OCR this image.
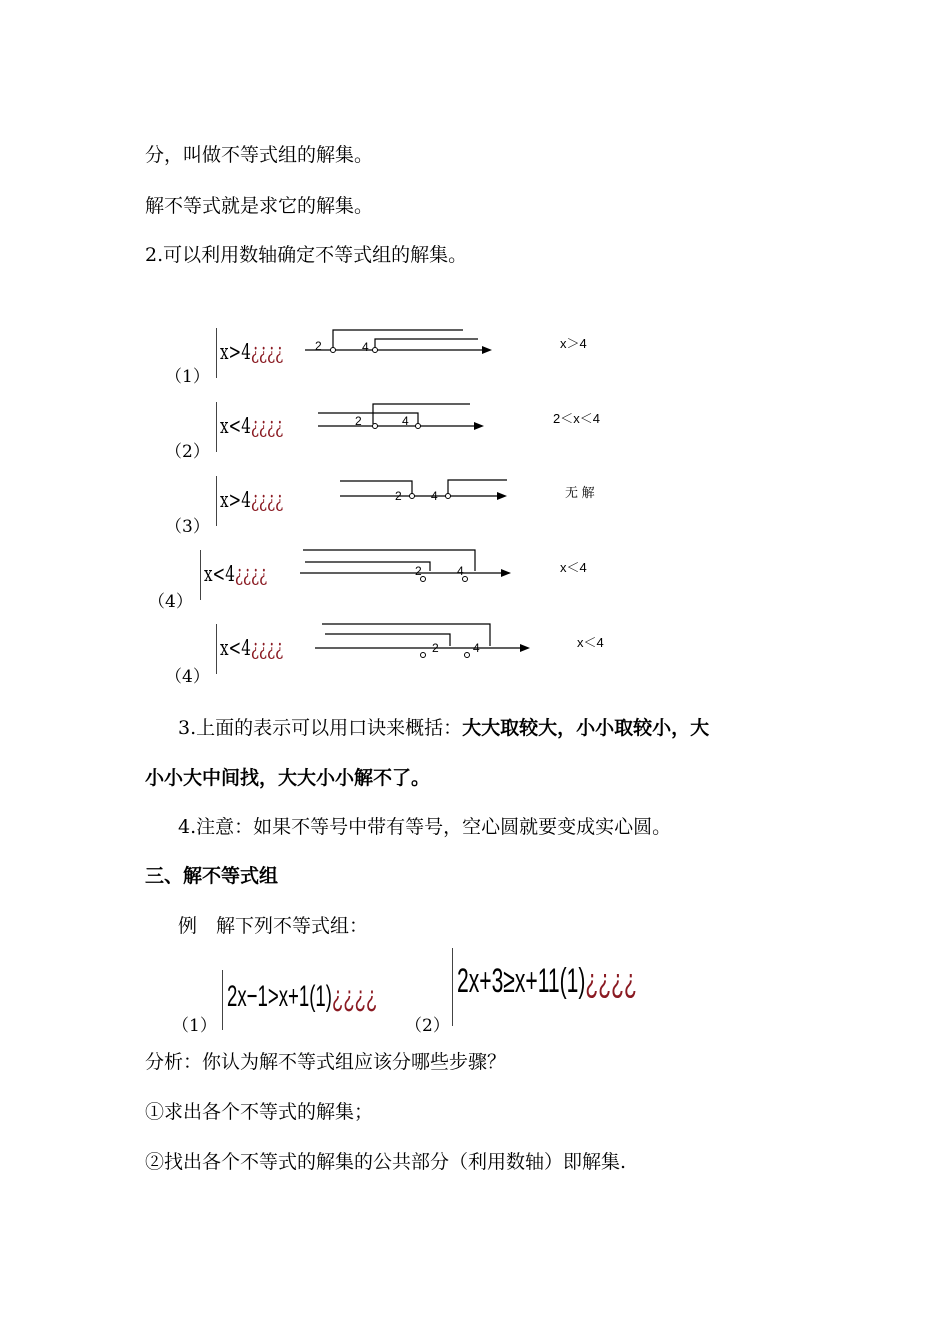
分，叫做不等式组的解集。
解不等式就是求它的解集。
2.可以利用数轴确定不等式组的解集。
（1）
x>4¿¿¿¿	2	4	x＞4
（2）
x<4¿¿¿¿	2	4	2＜x＜4
（3）
x>4¿¿¿¿	2 4	无 解
（4）
x<4¿¿¿¿	2	4	x＜4
（4）
x<4¿¿¿¿	2	4	x＜4
3.上面的表示可以用口诀来概括：大大取较大，小小取较小，大
小小大中间找，大大小小解不了。
4.注意：如果不等号中带有等号，空心圆就要变成实心圆。
三、解不等式组
例　解下列不等式组：
（1）
2x−1>x+1(1)¿¿¿¿
（2）
2x+3≥x+11(1)¿¿¿¿
分析：你认为解不等式组应该分哪些步骤？
①求出各个不等式的解集；
②找出各个不等式的解集的公共部分（利用数轴）即解集.
